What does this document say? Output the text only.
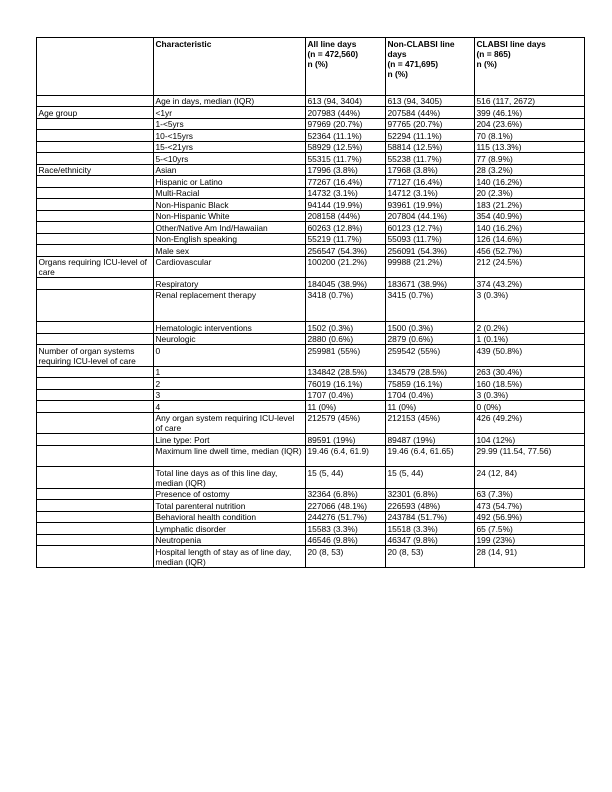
	Characteristic	All line days
(n = 472,560)
n (%)	Non-CLABSI line
days
(n = 471,695)
n (%)	CLABSI line days
(n = 865)
n (%)

	Age in days, median (IQR)	613 (94, 3404)	613 (94, 3405)	516 (117, 2672)
Age group	<1yr	207983 (44%)	207584 (44%)	399 (46.1%)
	1-<5yrs	97969 (20.7%)	97765 (20.7%)	204 (23.6%)
	10-<15yrs	52364 (11.1%)	52294 (11.1%)	70 (8.1%)
	15-<21yrs	58929 (12.5%)	58814 (12.5%)	115 (13.3%)
	5-<10yrs	55315 (11.7%)	55238 (11.7%)	77 (8.9%)
Race/ethnicity	Asian	17996 (3.8%)	17968 (3.8%)	28 (3.2%)
	Hispanic or Latino	77267 (16.4%)	77127 (16.4%)	140 (16.2%)
	Multi-Racial	14732 (3.1%)	14712 (3.1%)	20 (2.3%)
	Non-Hispanic Black	94144 (19.9%)	93961 (19.9%)	183 (21.2%)
	Non-Hispanic White	208158 (44%)	207804 (44.1%)	354 (40.9%)
	Other/Native Am Ind/Hawaiian	60263 (12.8%)	60123 (12.7%)	140 (16.2%)
	Non-English speaking	55219 (11.7%)	55093 (11.7%)	126 (14.6%)
	Male sex	256547 (54.3%)	256091 (54.3%)	456 (52.7%)
Organs requiring ICU-level of care	Cardiovascular	100200 (21.2%)	99988 (21.2%)	212 (24.5%)
	Respiratory	184045 (38.9%)	183671 (38.9%)	374 (43.2%)
	Renal replacement therapy	3418 (0.7%)	3415 (0.7%)	3 (0.3%)
	Hematologic interventions	1502 (0.3%)	1500 (0.3%)	2 (0.2%)
	Neurologic	2880 (0.6%)	2879 (0.6%)	1 (0.1%)
Number of organ systems requiring ICU-level of care	0	259981 (55%)	259542 (55%)	439 (50.8%)
	1	134842 (28.5%)	134579 (28.5%)	263 (30.4%)
	2	76019 (16.1%)	75859 (16.1%)	160 (18.5%)
	3	1707 (0.4%)	1704 (0.4%)	3 (0.3%)
	4	11 (0%)	11 (0%)	0 (0%)
	Any organ system requiring ICU-level of care	212579 (45%)	212153 (45%)	426 (49.2%)
	Line type: Port	89591 (19%)	89487 (19%)	104 (12%)
	Maximum line dwell time, median (IQR)	19.46 (6.4, 61.9)	19.46 (6.4, 61.65)	29.99 (11.54, 77.56)
	Total line days as of this line day, median (IQR)	15 (5, 44)	15 (5, 44)	24 (12, 84)
	Presence of ostomy	32364 (6.8%)	32301 (6.8%)	63 (7.3%)
	Total parenteral nutrition	227066 (48.1%)	226593 (48%)	473 (54.7%)
	Behavioral health condition	244276 (51.7%)	243784 (51.7%)	492 (56.9%)
	Lymphatic disorder	15583 (3.3%)	15518 (3.3%)	65 (7.5%)
	Neutropenia	46546 (9.8%)	46347 (9.8%)	199 (23%)
	Hospital length of stay as of line day, median (IQR)	20 (8, 53)	20 (8, 53)	28 (14, 91)
